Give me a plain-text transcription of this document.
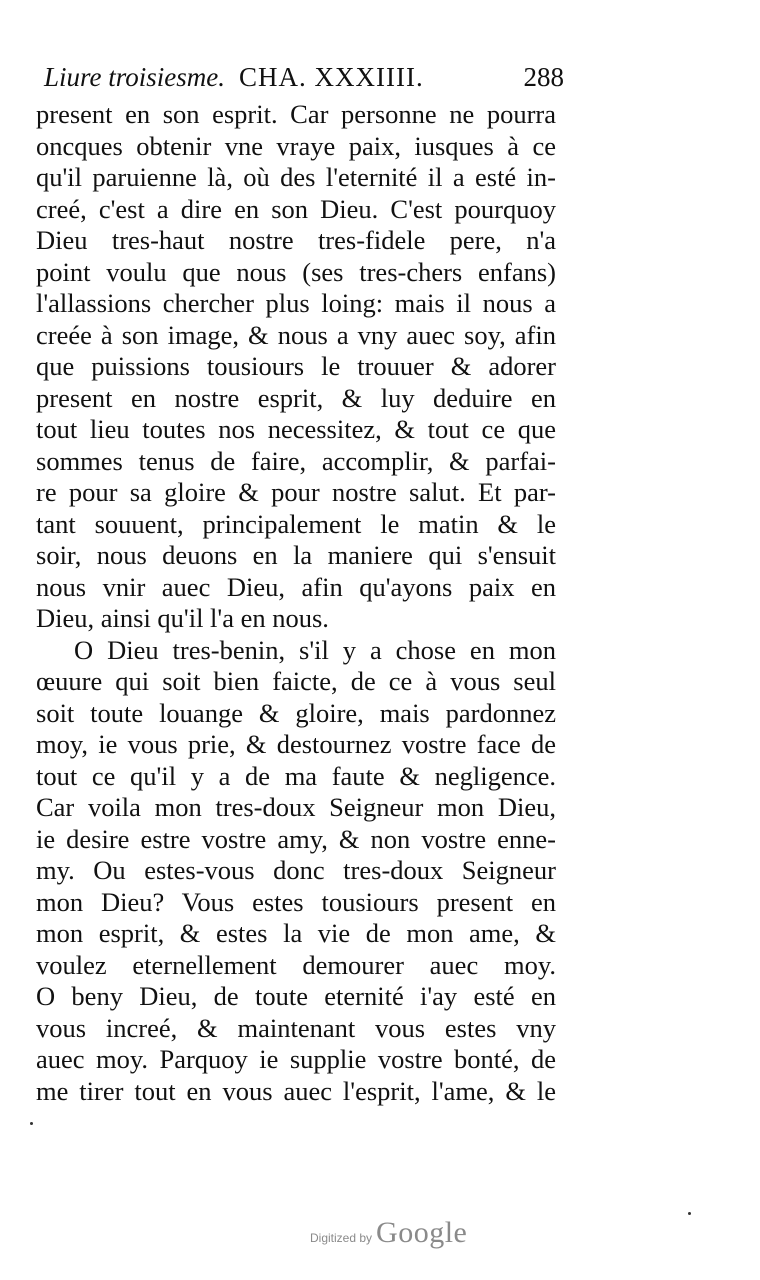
Liure troisiesme. CHA. XXXIIII.	288
present en son esprit. Car personne ne pourra
oncques obtenir vne vraye paix, iusques à ce
qu'il paruienne là, où des l'eternité il a esté in-
creé, c'est a dire en son Dieu. C'est pourquoy
Dieu tres-haut nostre tres-fidele pere, n'a
point voulu que nous (ses tres-chers enfans)
l'allassions chercher plus loing: mais il nous a
creée à son image, & nous a vny auec soy, afin
que puissions tousiours le trouuer & adorer
present en nostre esprit, & luy deduire en
tout lieu toutes nos necessitez, & tout ce que
sommes tenus de faire, accomplir, & parfai-
re pour sa gloire & pour nostre salut. Et par-
tant souuent, principalement le matin & le
soir, nous deuons en la maniere qui s'ensuit
nous vnir auec Dieu, afin qu'ayons paix en
Dieu, ainsi qu'il l'a en nous.
O Dieu tres-benin, s'il y a chose en mon
œuure qui soit bien faicte, de ce à vous seul
soit toute louange & gloire, mais pardonnez
moy, ie vous prie, & destournez vostre face de
tout ce qu'il y a de ma faute & negligence.
Car voila mon tres-doux Seigneur mon Dieu,
ie desire estre vostre amy, & non vostre enne-
my. Ou estes-vous donc tres-doux Seigneur
mon Dieu? Vous estes tousiours present en
mon esprit, & estes la vie de mon ame, &
voulez eternellement demourer auec moy.
O beny Dieu, de toute eternité i'ay esté en
vous increé, & maintenant vous estes vny
auec moy. Parquoy ie supplie vostre bonté, de
me tirer tout en vous auec l'esprit, l'ame, & le
Digitized by Google
